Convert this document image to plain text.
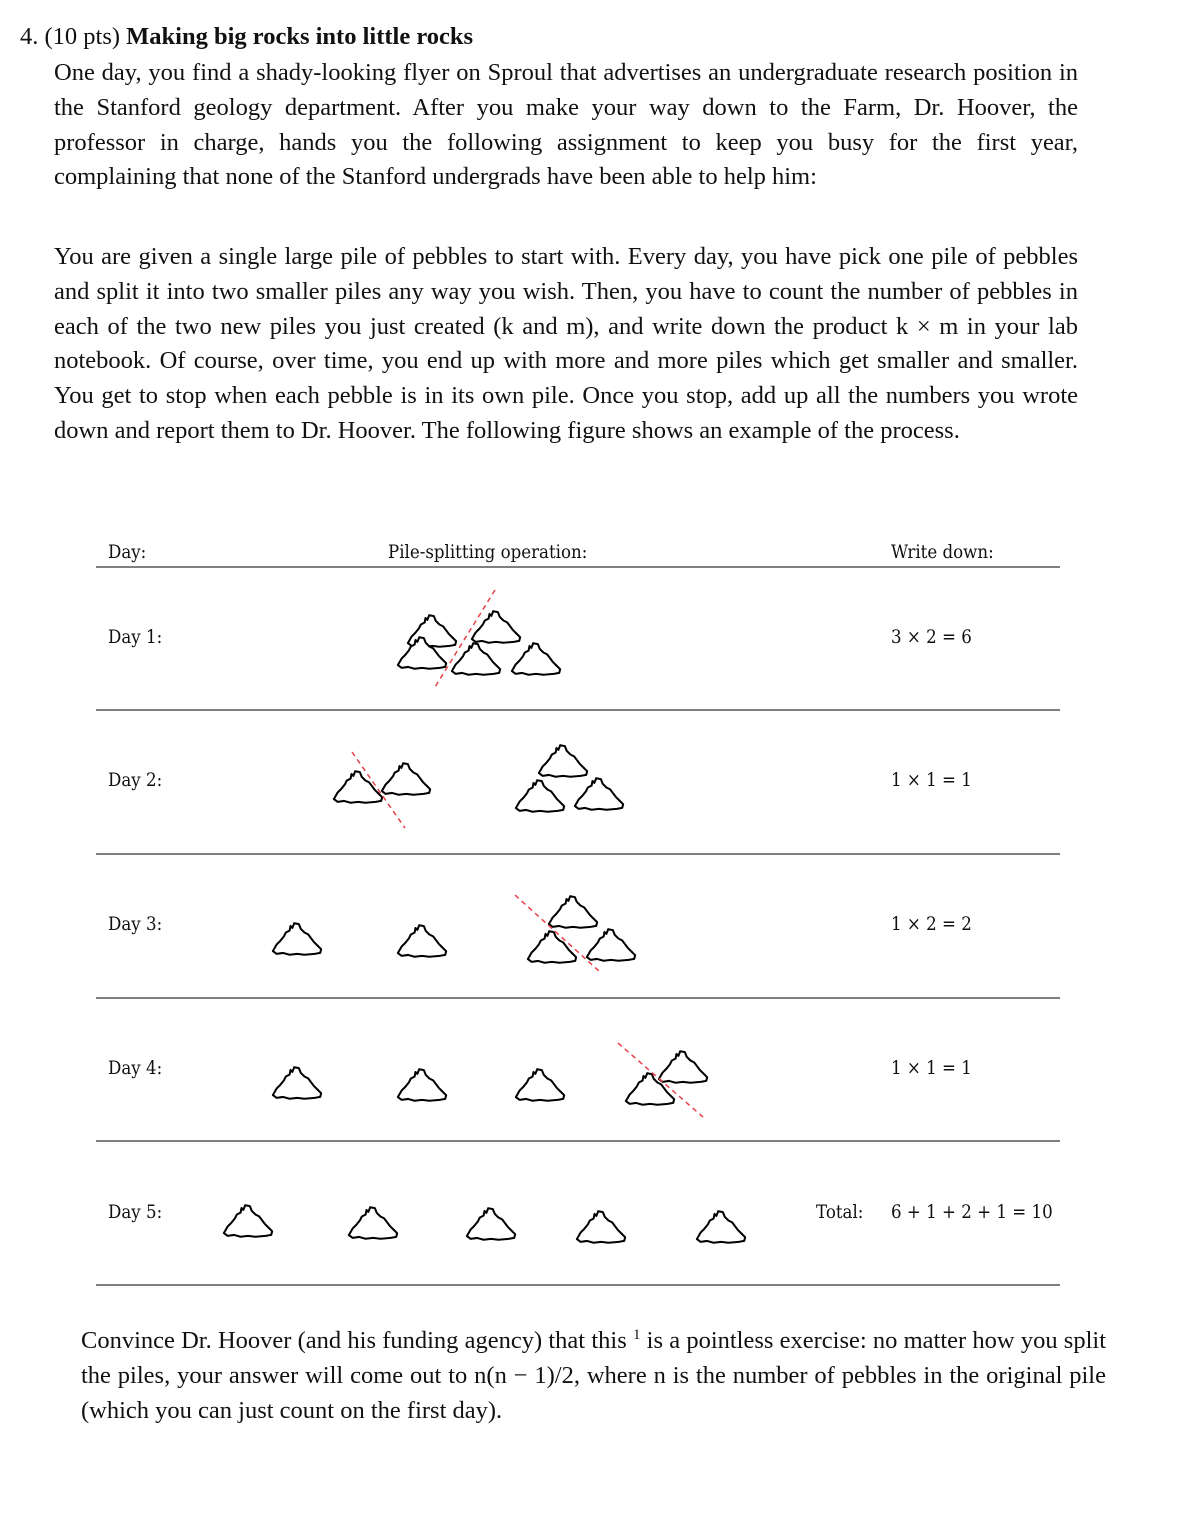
4. (10 pts) Making big rocks into little rocks
One day, you find a shady-looking flyer on Sproul that advertises an undergraduate research position in the Stanford geology department. After you make your way down to the Farm, Dr. Hoover, the professor in charge, hands you the following assignment to keep you busy for the first year, complaining that none of the Stanford undergrads have been able to help him:
You are given a single large pile of pebbles to start with. Every day, you have pick one pile of pebbles and split it into two smaller piles any way you wish. Then, you have to count the number of pebbles in each of the two new piles you just created (k and m), and write down the product k × m in your lab notebook. Of course, over time, you end up with more and more piles which get smaller and smaller. You get to stop when each pebble is in its own pile. Once you stop, add up all the numbers you wrote down and report them to Dr. Hoover. The following figure shows an example of the process.
Day:	Pile-splitting operation:	Write down:
Day 1:	3 × 2 = 6
Day 2:	1 × 1 = 1
Day 3:	1 × 2 = 2
Day 4:	1 × 1 = 1
Day 5:	Total: 6 + 1 + 2 + 1 = 10
Convince Dr. Hoover (and his funding agency) that this $^1$ is a pointless exercise: no matter how you split the piles, your answer will come out to n(n − 1)/2, where n is the number of pebbles in the original pile (which you can just count on the first day).
